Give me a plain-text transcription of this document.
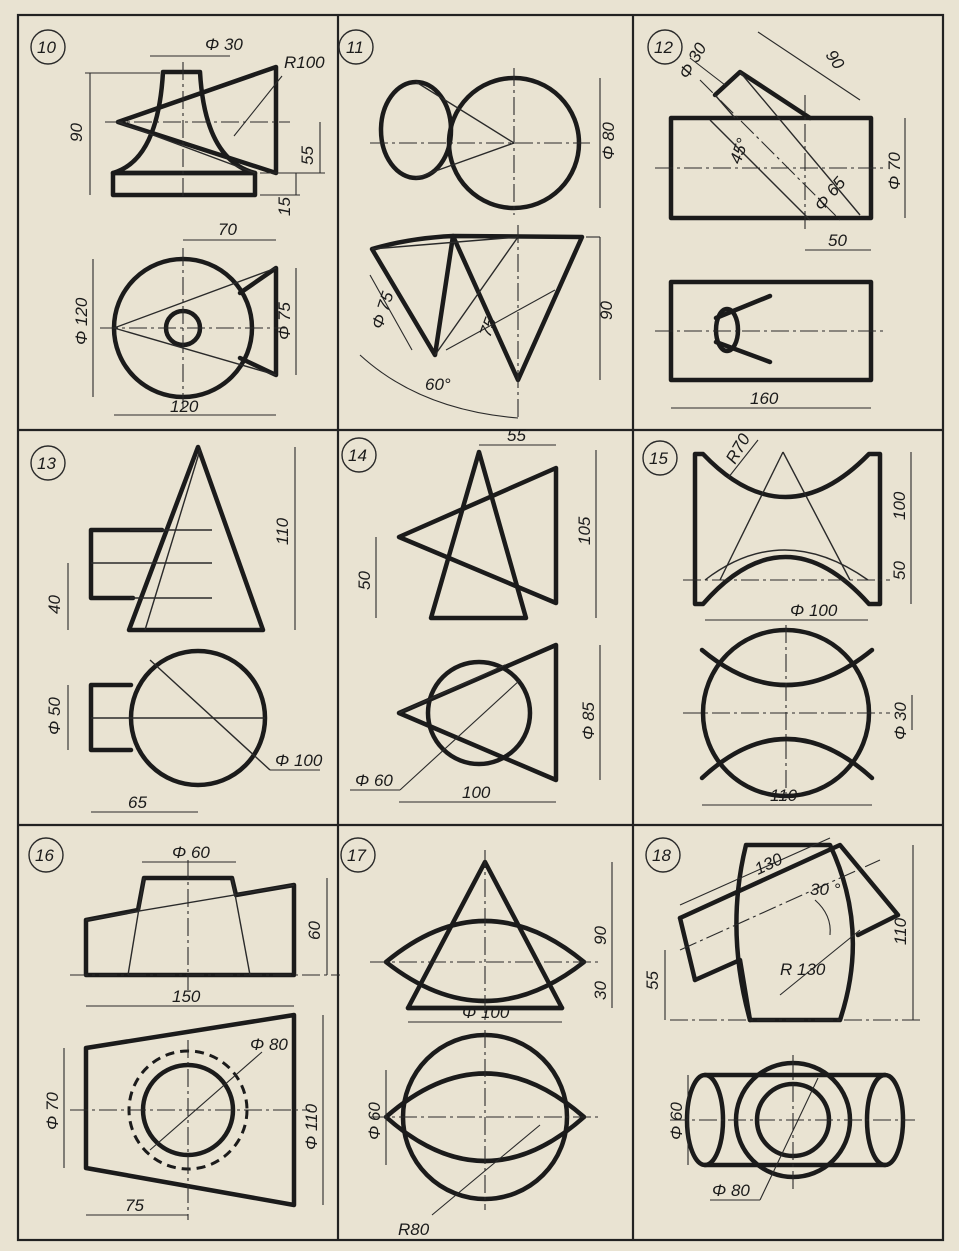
10	11	12
13	14	15
16	17	18
90
Φ 30
R100
55
15
70
Φ 120	Φ 75
120
Φ 80
90
Φ 75	75
60°
Φ 30	90
45°
Φ 65
Φ 70
50
160
110
40
Φ 50
Φ 100
65
55
105
50
Φ 85
Φ 60
100
100
50
Φ 100
R70
Φ 30
110
Φ 60
60
Φ 80
150
Φ 70	Φ 110
75
90
30
Φ 100
Φ 60
R80
130
30 °
R 130
55
110
Φ 60
Φ 80
